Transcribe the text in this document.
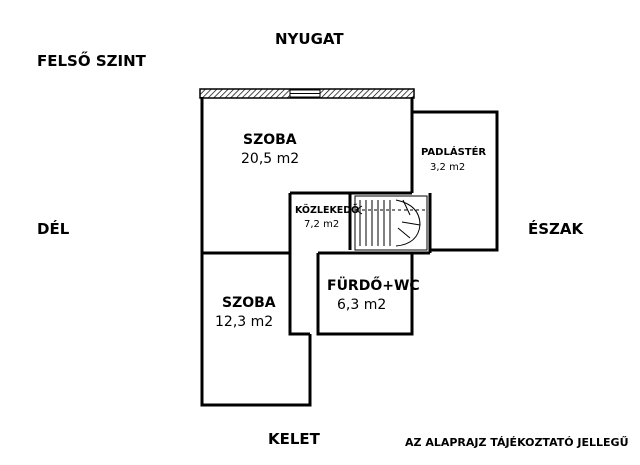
FELSŐ SZINT
NYUGAT
DÉL	ÉSZAK
KELET
SZOBA
20,5 m2	PADLÁSTÉR
3,2 m2
KÖZLEKEDŐ
7,2 m2
SZOBA
12,3 m2
FÜRDŐ+WC
6,3 m2
AZ ALAPRAJZ TÁJÉKOZTATÓ JELLEGŰ
